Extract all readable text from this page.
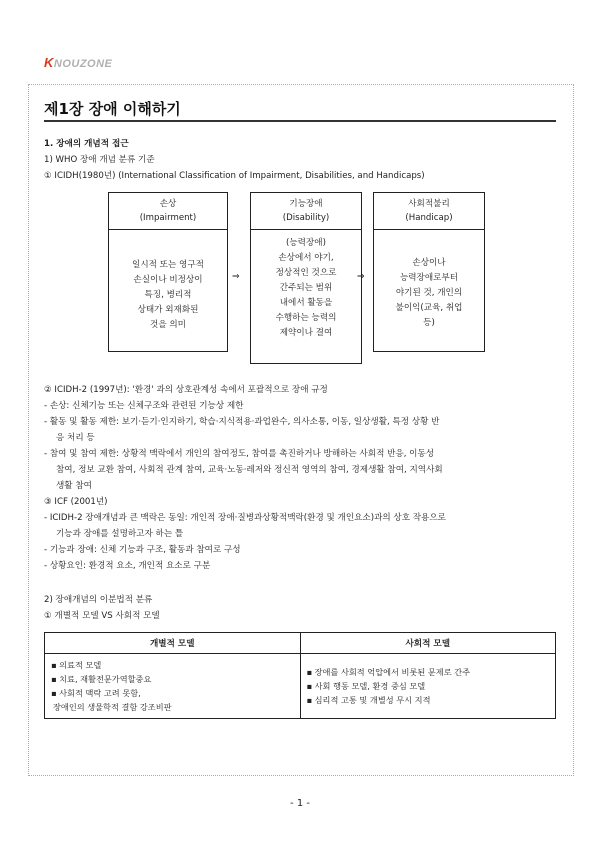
KNOUZONE
제1장 장애 이해하기
1. 장애의 개념적 접근
1) WHO 장애 개념 분류 기준
① ICIDH(1980년) (International Classification of Impairment, Disabilities, and Handicaps)
손상
(Impairment)
일시적 또는 영구적
손실이나 비정상이
특징, 병리적
상태가 외재화된
것을 의미
⇒
기능장애
(Disability)
(능력장애)
손상에서 야기,
정상적인 것으로
간주되는 범위
내에서 활동을
수행하는 능력의
제약이나 결여
⇒
사회적불리
(Handicap)
손상이나
능력장애로부터
야기된 것, 개인의
불이익(교육, 취업
등)
② ICIDH-2 (1997년): '환경' 과의 상호관계성 속에서 포괄적으로 장애 규정
- 손상: 신체기능 또는 신체구조와 관련된 기능상 제한
- 활동 및 활동 제한: 보기·듣기·인지하기, 학습·지식적용·과업완수, 의사소통, 이동, 일상생활, 특정 상황 반
응 처리 등
- 참여 및 참여 제한: 상황적 맥락에서 개인의 참여정도, 참여를 촉진하거나 방해하는 사회적 반응, 이동성
참여, 정보 교환 참여, 사회적 관계 참여, 교육·노동·레저와 정신적 영역의 참여, 경제생활 참여, 지역사회
생활 참여
③ ICF (2001년)
- ICIDH-2 장애개념과 큰 맥락은 동일: 개인적 장애·질병과상황적맥락(환경 및 개인요소)과의 상호 작용으로
기능과 장애를 설명하고자 하는 틀
- 기능과 장애: 신체 기능과 구조, 활동과 참여로 구성
- 상황요인: 환경적 요소, 개인적 요소로 구분
2) 장애개념의 이분법적 분류
① 개별적 모델 VS 사회적 모델
개별적 모델	사회적 모델

▪ 의료적 모델
▪ 치료, 재활전문가역할중요
▪ 사회적 맥락 고려 못함,
장애인의 생물학적 결함 강조비판	▪ 장애를 사회적 억압에서 비롯된 문제로 간주
▪ 사회 행동 모델, 환경 중심 모델
▪ 심리적 고통 및 개별성 무시 지적
- 1 -
